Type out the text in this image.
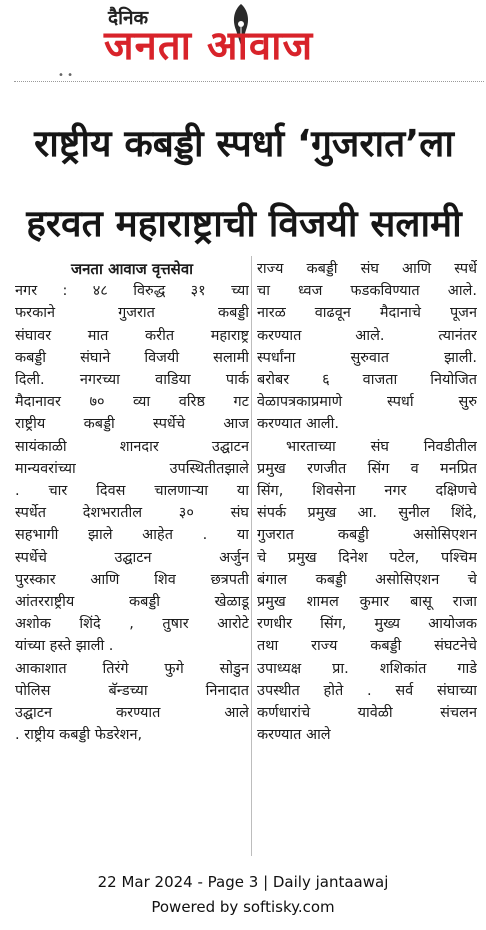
दैनिक
जनता आवाज
• •
राष्ट्रीय कबड्डी स्पर्धा ‘गुजरात’ला
हरवत महाराष्ट्राची विजयी सलामी
जनता आवाज वृत्तसेवा
नगर : ४८ विरुद्ध ३१ च्या
फरकाने गुजरात कबड्डी
संघावर मात करीत महाराष्ट्र
कबड्डी संघाने विजयी सलामी
दिली. नगरच्या वाडिया पार्क
मैदानावर ७० व्या वरिष्ठ गट
राष्ट्रीय कबड्डी स्पर्धेचे आज
सायंकाळी शानदार उद्घाटन
मान्यवरांच्या उपस्थितीतझाले
. चार दिवस चालणाऱ्या या
स्पर्धेत देशभरातील ३० संघ
सहभागी झाले आहेत . या
स्पर्धेचे उद्घाटन अर्जुन
पुरस्कार आणि शिव छत्रपती
आंतरराष्ट्रीय कबड्डी खेळाडू
अशोक शिंदे , तुषार आरोटे
यांच्या हस्ते झाली .
आकाशात तिरंगे फुगे सोडुन
पोलिस बॅन्डच्या निनादात
उद्घाटन करण्यात आले
. राष्ट्रीय कबड्डी फेडरेशन,
राज्य कबड्डी संघ आणि स्पर्धे
चा ध्वज फडकविण्यात आले.
नारळ वाढवून मैदानाचे पूजन
करण्यात आले. त्यानंतर
स्पर्धांना सुरुवात झाली.
बरोबर ६ वाजता नियोजित
वेळापत्रकाप्रमाणे स्पर्धा सुरु
करण्यात आली.
भारताच्या संघ निवडीतील
प्रमुख रणजीत सिंग व मनप्रित
सिंग, शिवसेना नगर दक्षिणचे
संपर्क प्रमुख आ. सुनील शिंदे,
गुजरात कबड्डी असोसिएशन
चे प्रमुख दिनेश पटेल, पश्चिम
बंगाल कबड्डी असोसिएशन चे
प्रमुख शामल कुमार बासू राजा
रणधीर सिंग, मुख्य आयोजक
तथा राज्य कबड्डी संघटनेचे
उपाध्यक्ष प्रा. शशिकांत गाडे
उपस्थीत होते . सर्व संघाच्या
कर्णधारांचे यावेळी संचलन
करण्यात आले
22 Mar 2024 - Page 3 | Daily jantaawaj
Powered by softisky.com
